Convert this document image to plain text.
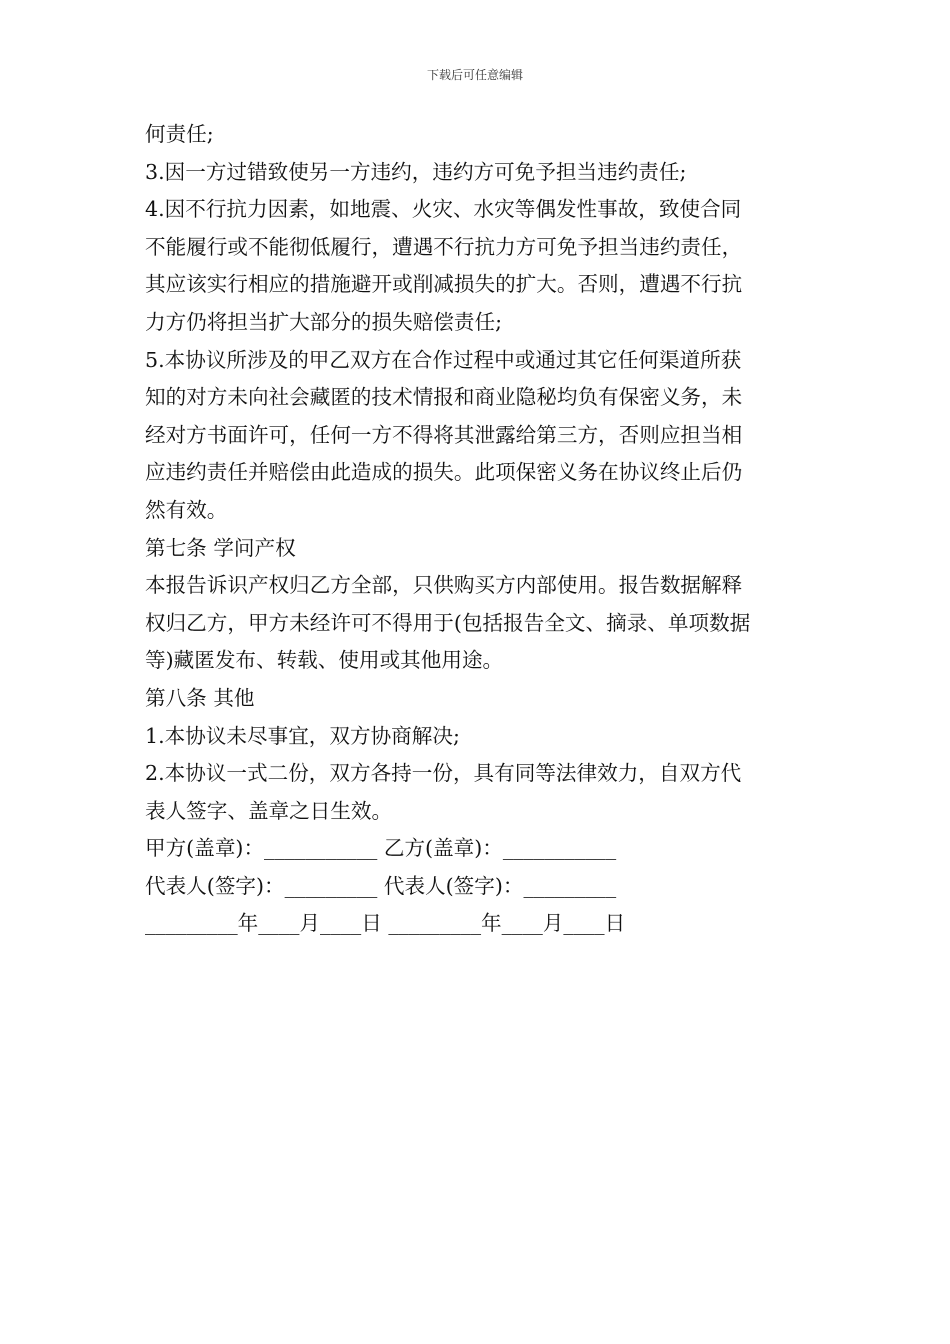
下载后可任意编辑
何责任;
3.因一方过错致使另一方违约，违约方可免予担当违约责任;
4.因不行抗力因素，如地震、火灾、水灾等偶发性事故，致使合同
不能履行或不能彻低履行，遭遇不行抗力方可免予担当违约责任，
其应该实行相应的措施避开或削减损失的扩大。否则，遭遇不行抗
力方仍将担当扩大部分的损失赔偿责任;
5.本协议所涉及的甲乙双方在合作过程中或通过其它任何渠道所获
知的对方未向社会藏匿的技术情报和商业隐秘均负有保密义务，未
经对方书面许可，任何一方不得将其泄露给第三方，否则应担当相
应违约责任并赔偿由此造成的损失。此项保密义务在协议终止后仍
然有效。
第七条 学问产权
本报告诉识产权归乙方全部，只供购买方内部使用。报告数据解释
权归乙方，甲方未经许可不得用于(包括报告全文、摘录、单项数据
等)藏匿发布、转载、使用或其他用途。
第八条 其他
1.本协议未尽事宜，双方协商解决;
2.本协议一式二份，双方各持一份，具有同等法律效力，自双方代
表人签字、盖章之日生效。
甲方(盖章)：___________ 乙方(盖章)：___________
代表人(签字)：_________ 代表人(签字)：_________
_________年____月____日 _________年____月____日
